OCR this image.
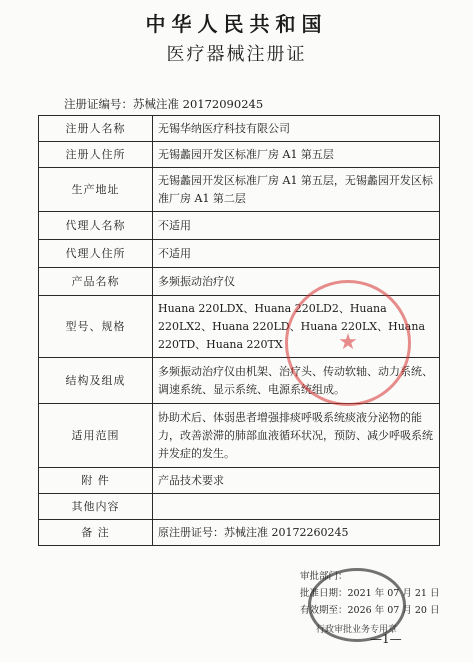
中华人民共和国
医疗器械注册证
注册证编号：苏械注准 20172090245
注册人名称	无锡华纳医疗科技有限公司
注册人住所	无锡蠡园开发区标准厂房 A1 第五层
生产地址	无锡蠡园开发区标准厂房 A1 第五层，无锡蠡园开发区标准厂房 A1 第二层
代理人名称	不适用
代理人住所	不适用
产品名称	多频振动治疗仪
型号、规格	Huana 220LDX、Huana 220LD2、Huana 220LX2、Huana 220LD、Huana 220LX、Huana 220TD、Huana 220TX
结构及组成	多频振动治疗仪由机架、治疗头、传动软轴、动力系统、调速系统、显示系统、电源系统组成。
适用范围	协助术后、体弱患者增强排痰呼吸系统痰液分泌物的能力，改善淤滞的肺部血液循环状况，预防、减少呼吸系统并发症的发生。
附 件	产品技术要求
其他内容	
备 注	原注册证号：苏械注准 20172260245
★
审批部门：
批准日期：2021 年 07 月 21 日
有效期至：2026 年 07 月 20 日
行政审批业务专用章
—1—
